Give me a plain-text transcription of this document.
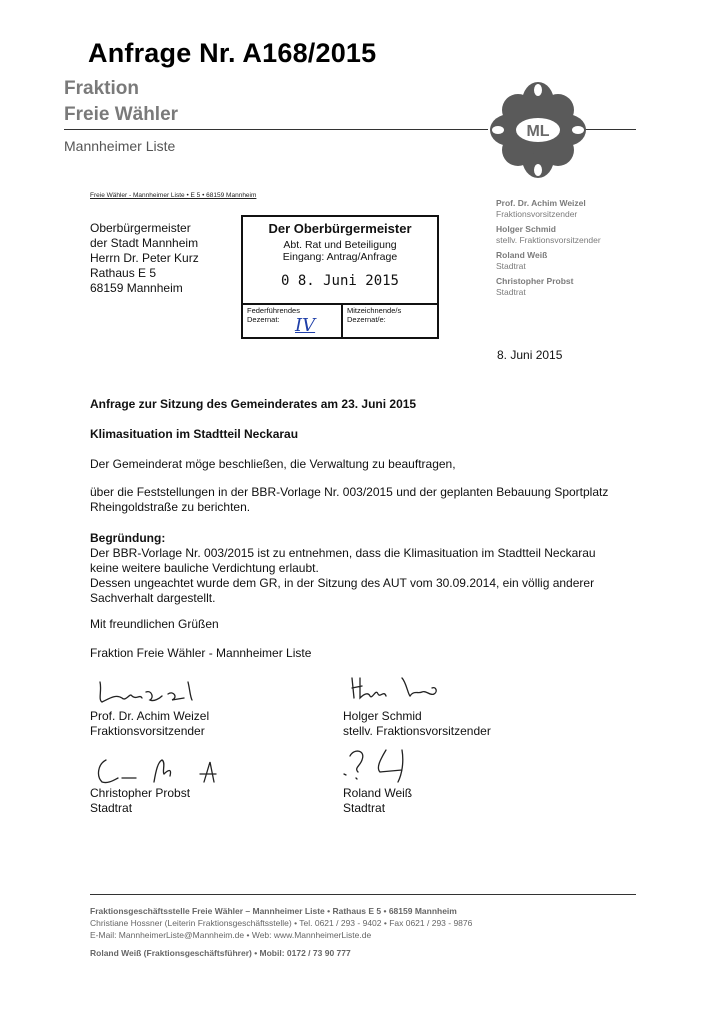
Anfrage Nr. A168/2015
Fraktion
Freie Wähler
Mannheimer Liste
ML
Freie Wähler - Mannheimer Liste • E 5 • 68159 Mannheim
Oberbürgermeister
der Stadt Mannheim
Herrn Dr. Peter Kurz
Rathaus E 5
68159 Mannheim
Der Oberbürgermeister
Abt. Rat und Beteiligung
Eingang: Antrag/Anfrage
0 8. Juni 2015
Federführendes
Dezernat: IV
Mitzeichnende/s
Dezernat/e:
Prof. Dr. Achim Weizel
Fraktionsvorsitzender
Holger Schmid
stellv. Fraktionsvorsitzender
Roland Weiß
Stadtrat
Christopher Probst
Stadtrat
8. Juni 2015
Anfrage zur Sitzung des Gemeinderates am 23. Juni 2015
Klimasituation im Stadtteil Neckarau
Der Gemeinderat möge beschließen, die Verwaltung zu beauftragen,
über die Feststellungen in der BBR-Vorlage Nr. 003/2015 und der geplanten Bebauung Sportplatz
Rheingoldstraße zu berichten.
Begründung:
Der BBR-Vorlage Nr. 003/2015 ist zu entnehmen, dass die Klimasituation im Stadtteil Neckarau
keine weitere bauliche Verdichtung erlaubt.
Dessen ungeachtet wurde dem GR, in der Sitzung des AUT vom 30.09.2014, ein völlig anderer
Sachverhalt dargestellt.
Mit freundlichen Grüßen
Fraktion Freie Wähler - Mannheimer Liste
Prof. Dr. Achim Weizel
Fraktionsvorsitzender
Holger Schmid
stellv. Fraktionsvorsitzender
Christopher Probst
Stadtrat
Roland Weiß
Stadtrat
Fraktionsgeschäftsstelle Freie Wähler – Mannheimer Liste • Rathaus E 5 • 68159 Mannheim
Christiane Hossner (Leiterin Fraktionsgeschäftsstelle) • Tel. 0621 / 293 - 9402 • Fax 0621 / 293 - 9876
E-Mail: MannheimerListe@Mannheim.de • Web: www.MannheimerListe.de
Roland Weiß (Fraktionsgeschäftsführer) • Mobil: 0172 / 73 90 777
